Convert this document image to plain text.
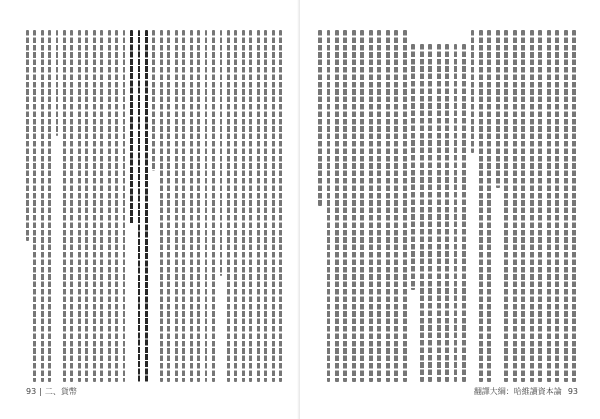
93 | 二、貨幣	翻譯大綱：哈維讀資本論 93
